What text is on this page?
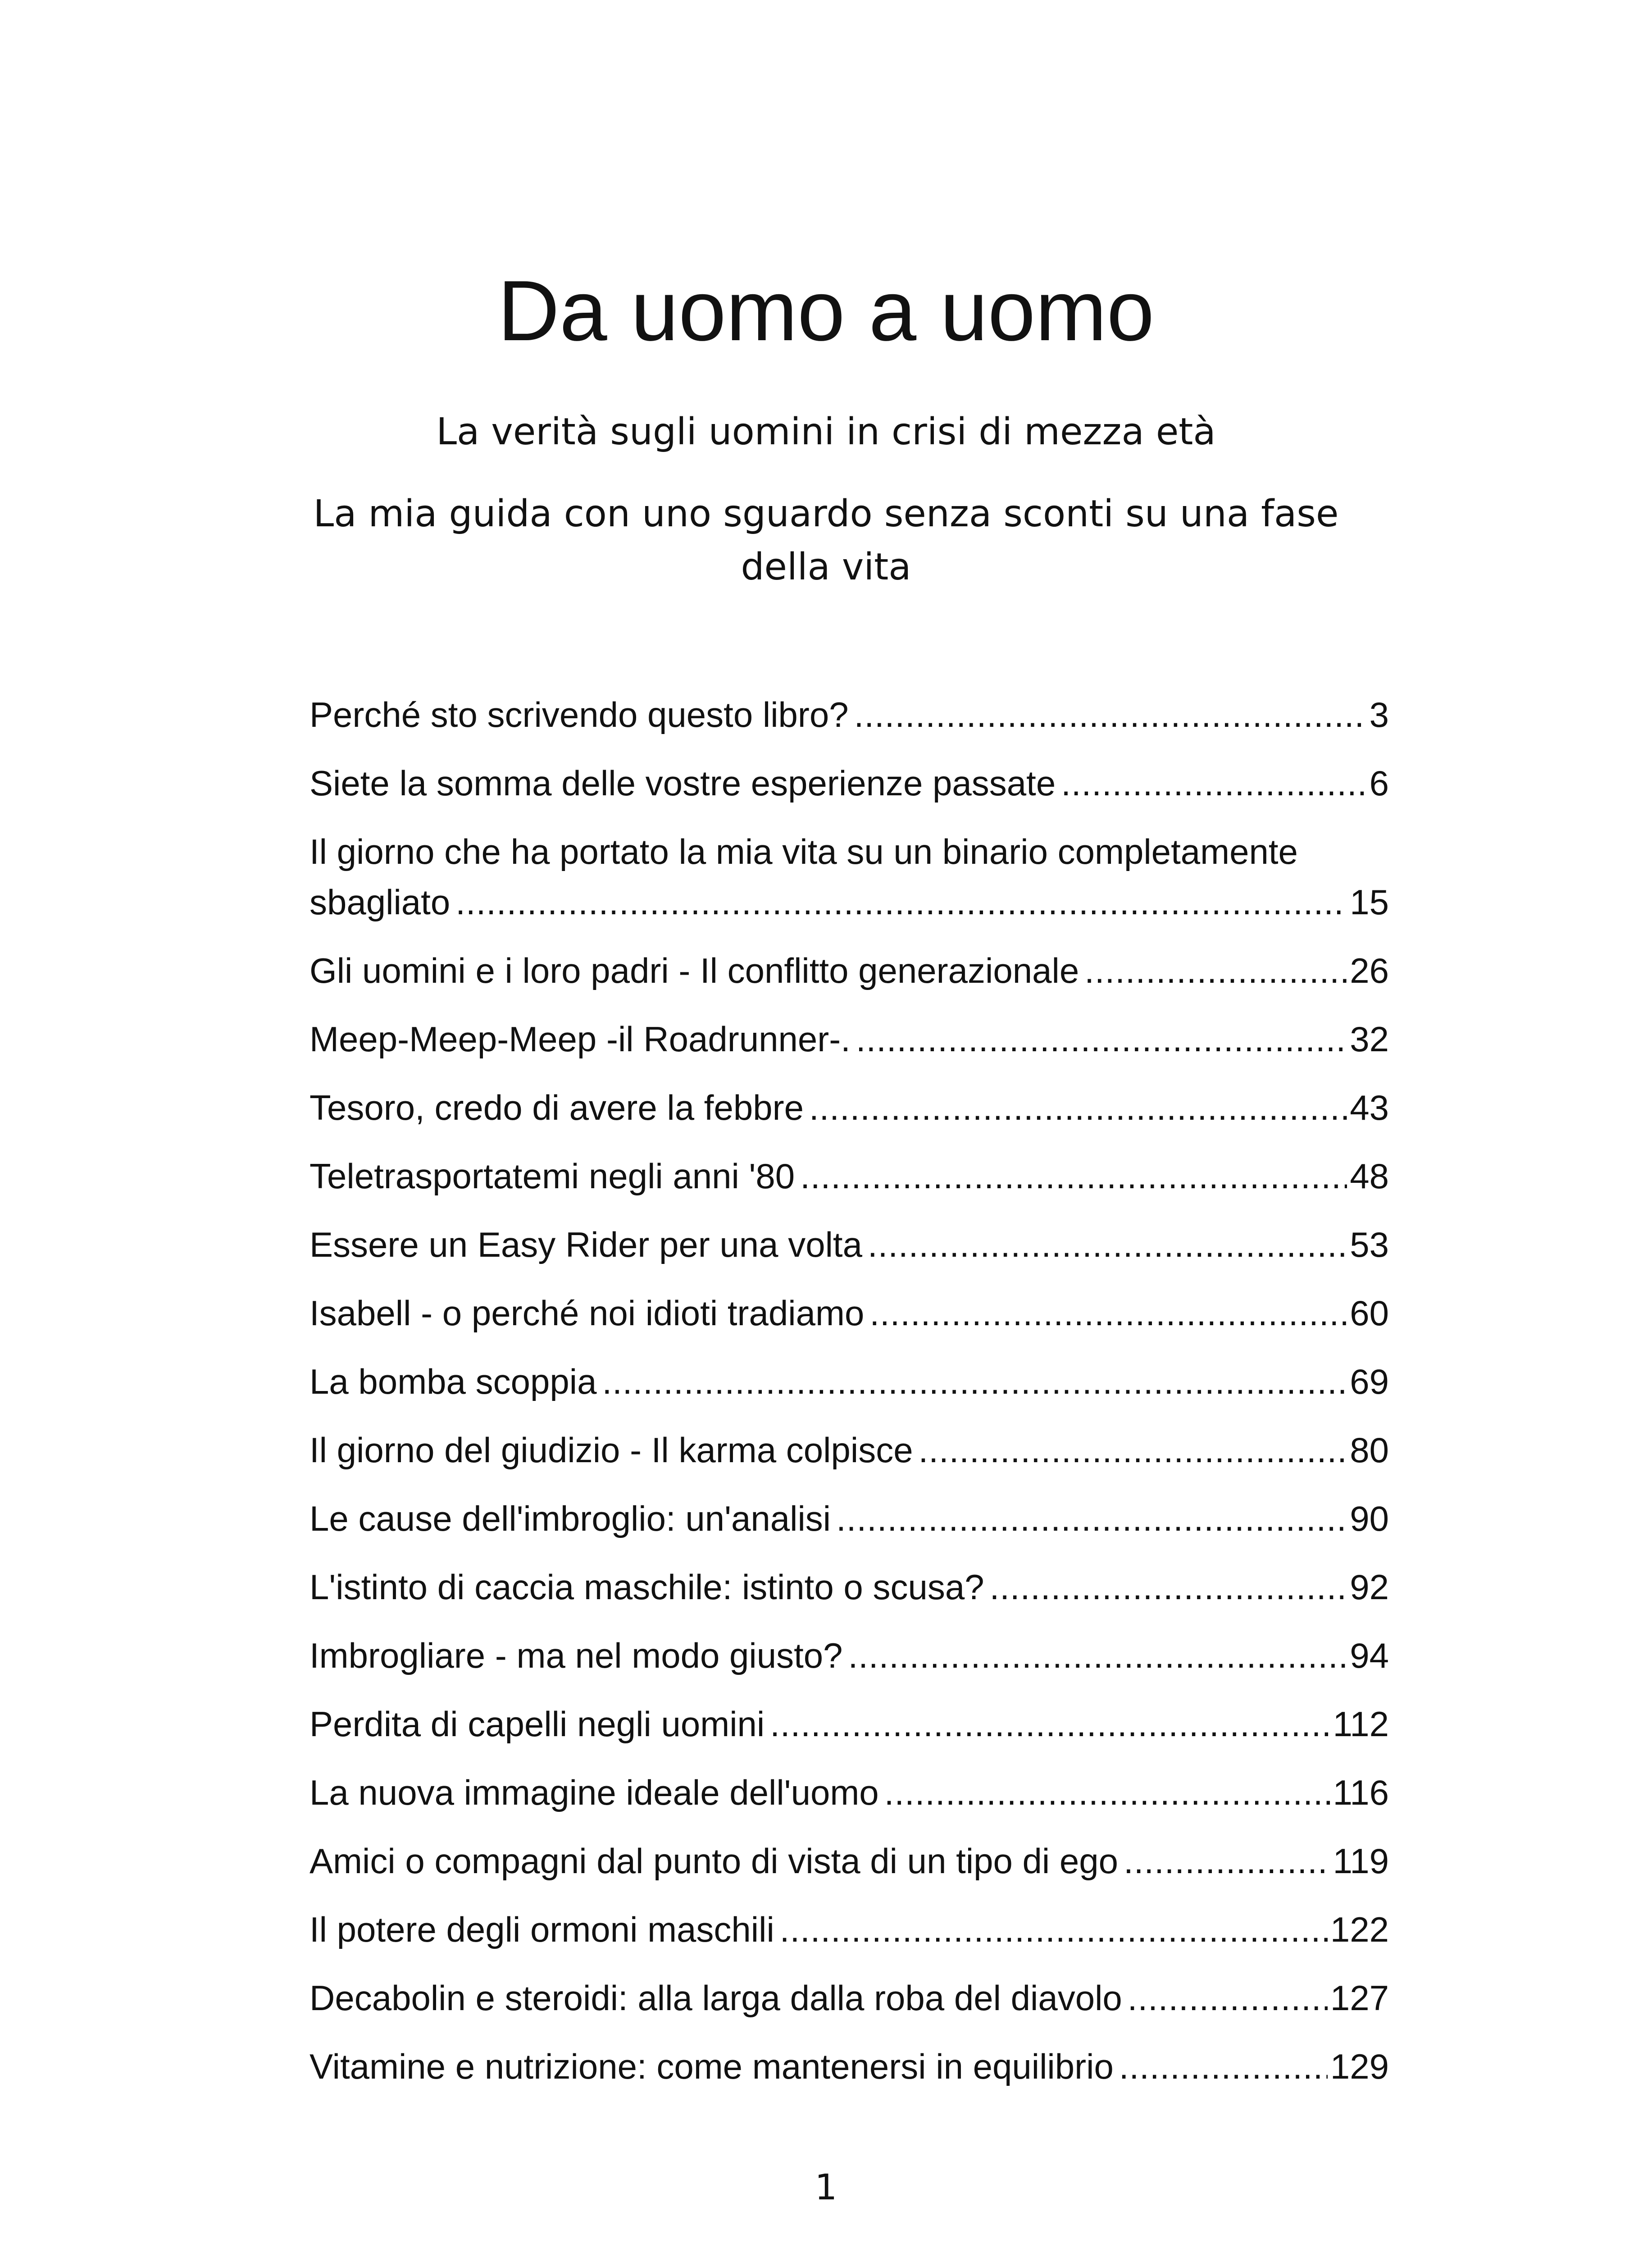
Da uomo a uomo

La verità sugli uomini in crisi di mezza età

La mia guida con uno sguardo senza sconti su una fase della vita

Perché sto scrivendo questo libro? .....	3
Siete la somma delle vostre esperienze passate .....	6
Il giorno che ha portato la mia vita su un binario completamente
sbagliato .....	15
Gli uomini e i loro padri - Il conflitto generazionale .....	26
Meep-Meep-Meep -il Roadrunner-. .....	32
Tesoro, credo di avere la febbre .....	43
Teletrasportatemi negli anni '80 .....	48
Essere un Easy Rider per una volta .....	53
Isabell - o perché noi idioti tradiamo .....	60
La bomba scoppia .....	69
Il giorno del giudizio - Il karma colpisce .....	80
Le cause dell'imbroglio: un'analisi .....	90
L'istinto di caccia maschile: istinto o scusa? .....	92
Imbrogliare - ma nel modo giusto? .....	94
Perdita di capelli negli uomini .....	112
La nuova immagine ideale dell'uomo .....	116
Amici o compagni dal punto di vista di un tipo di ego .....	119
Il potere degli ormoni maschili .....	122
Decabolin e steroidi: alla larga dalla roba del diavolo .....	127
Vitamine e nutrizione: come mantenersi in equilibrio .....	129
1
